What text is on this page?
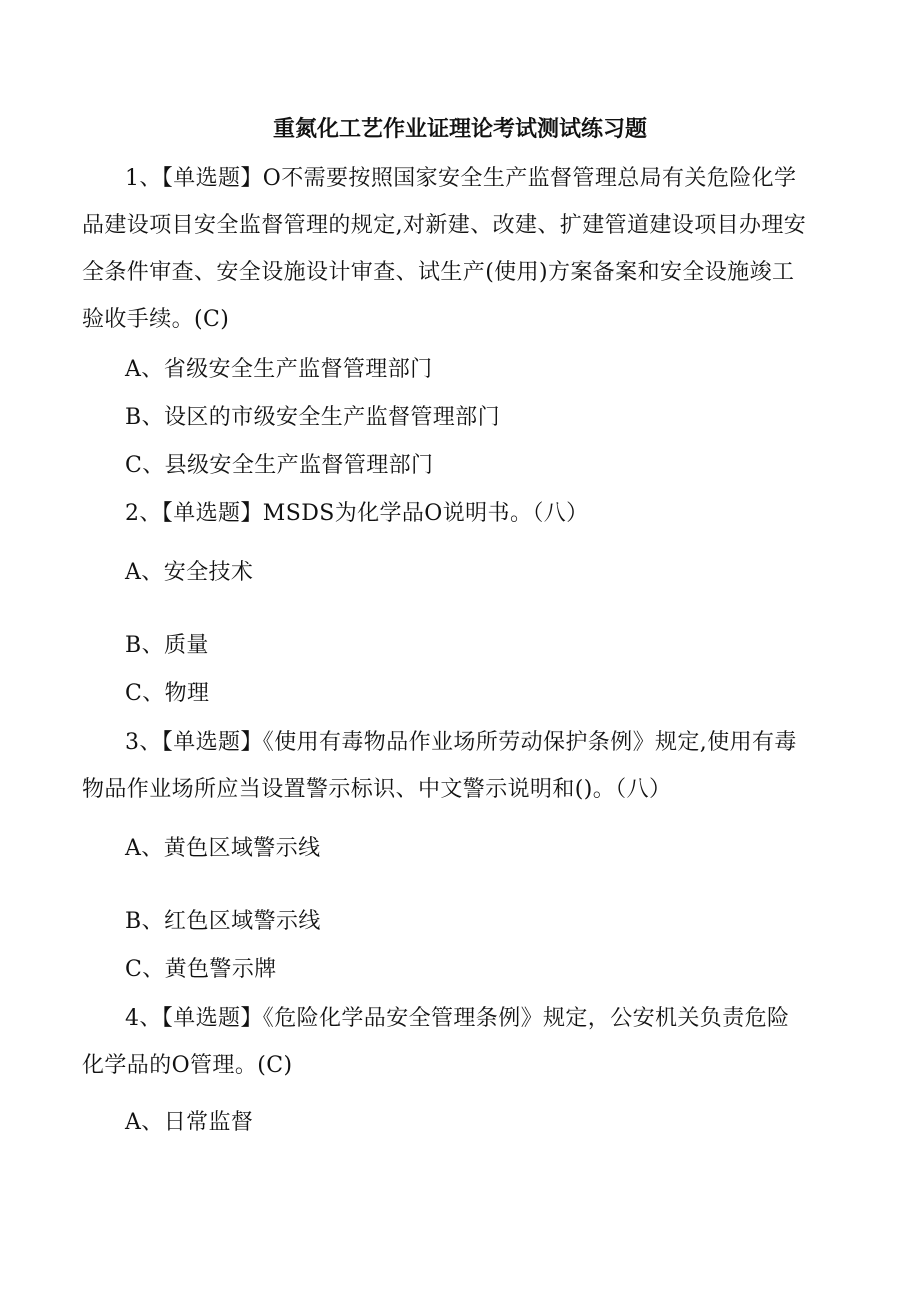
重氮化工艺作业证理论考试测试练习题
1、【单选题】O不需要按照国家安全生产监督管理总局有关危险化学
品建设项目安全监督管理的规定,对新建、改建、扩建管道建设项目办理安
全条件审查、安全设施设计审查、试生产(使用)方案备案和安全设施竣工
验收手续。(C)
A、省级安全生产监督管理部门
B、设区的市级安全生产监督管理部门
C、县级安全生产监督管理部门
2、【单选题】MSDS为化学品O说明书。（八）
A、安全技术
B、质量
C、物理
3、【单选题】《使用有毒物品作业场所劳动保护条例》规定,使用有毒
物品作业场所应当设置警示标识、中文警示说明和()。（八）
A、黄色区域警示线
B、红色区域警示线
C、黄色警示牌
4、【单选题】《危险化学品安全管理条例》规定，公安机关负责危险
化学品的O管理。(C)
A、日常监督
